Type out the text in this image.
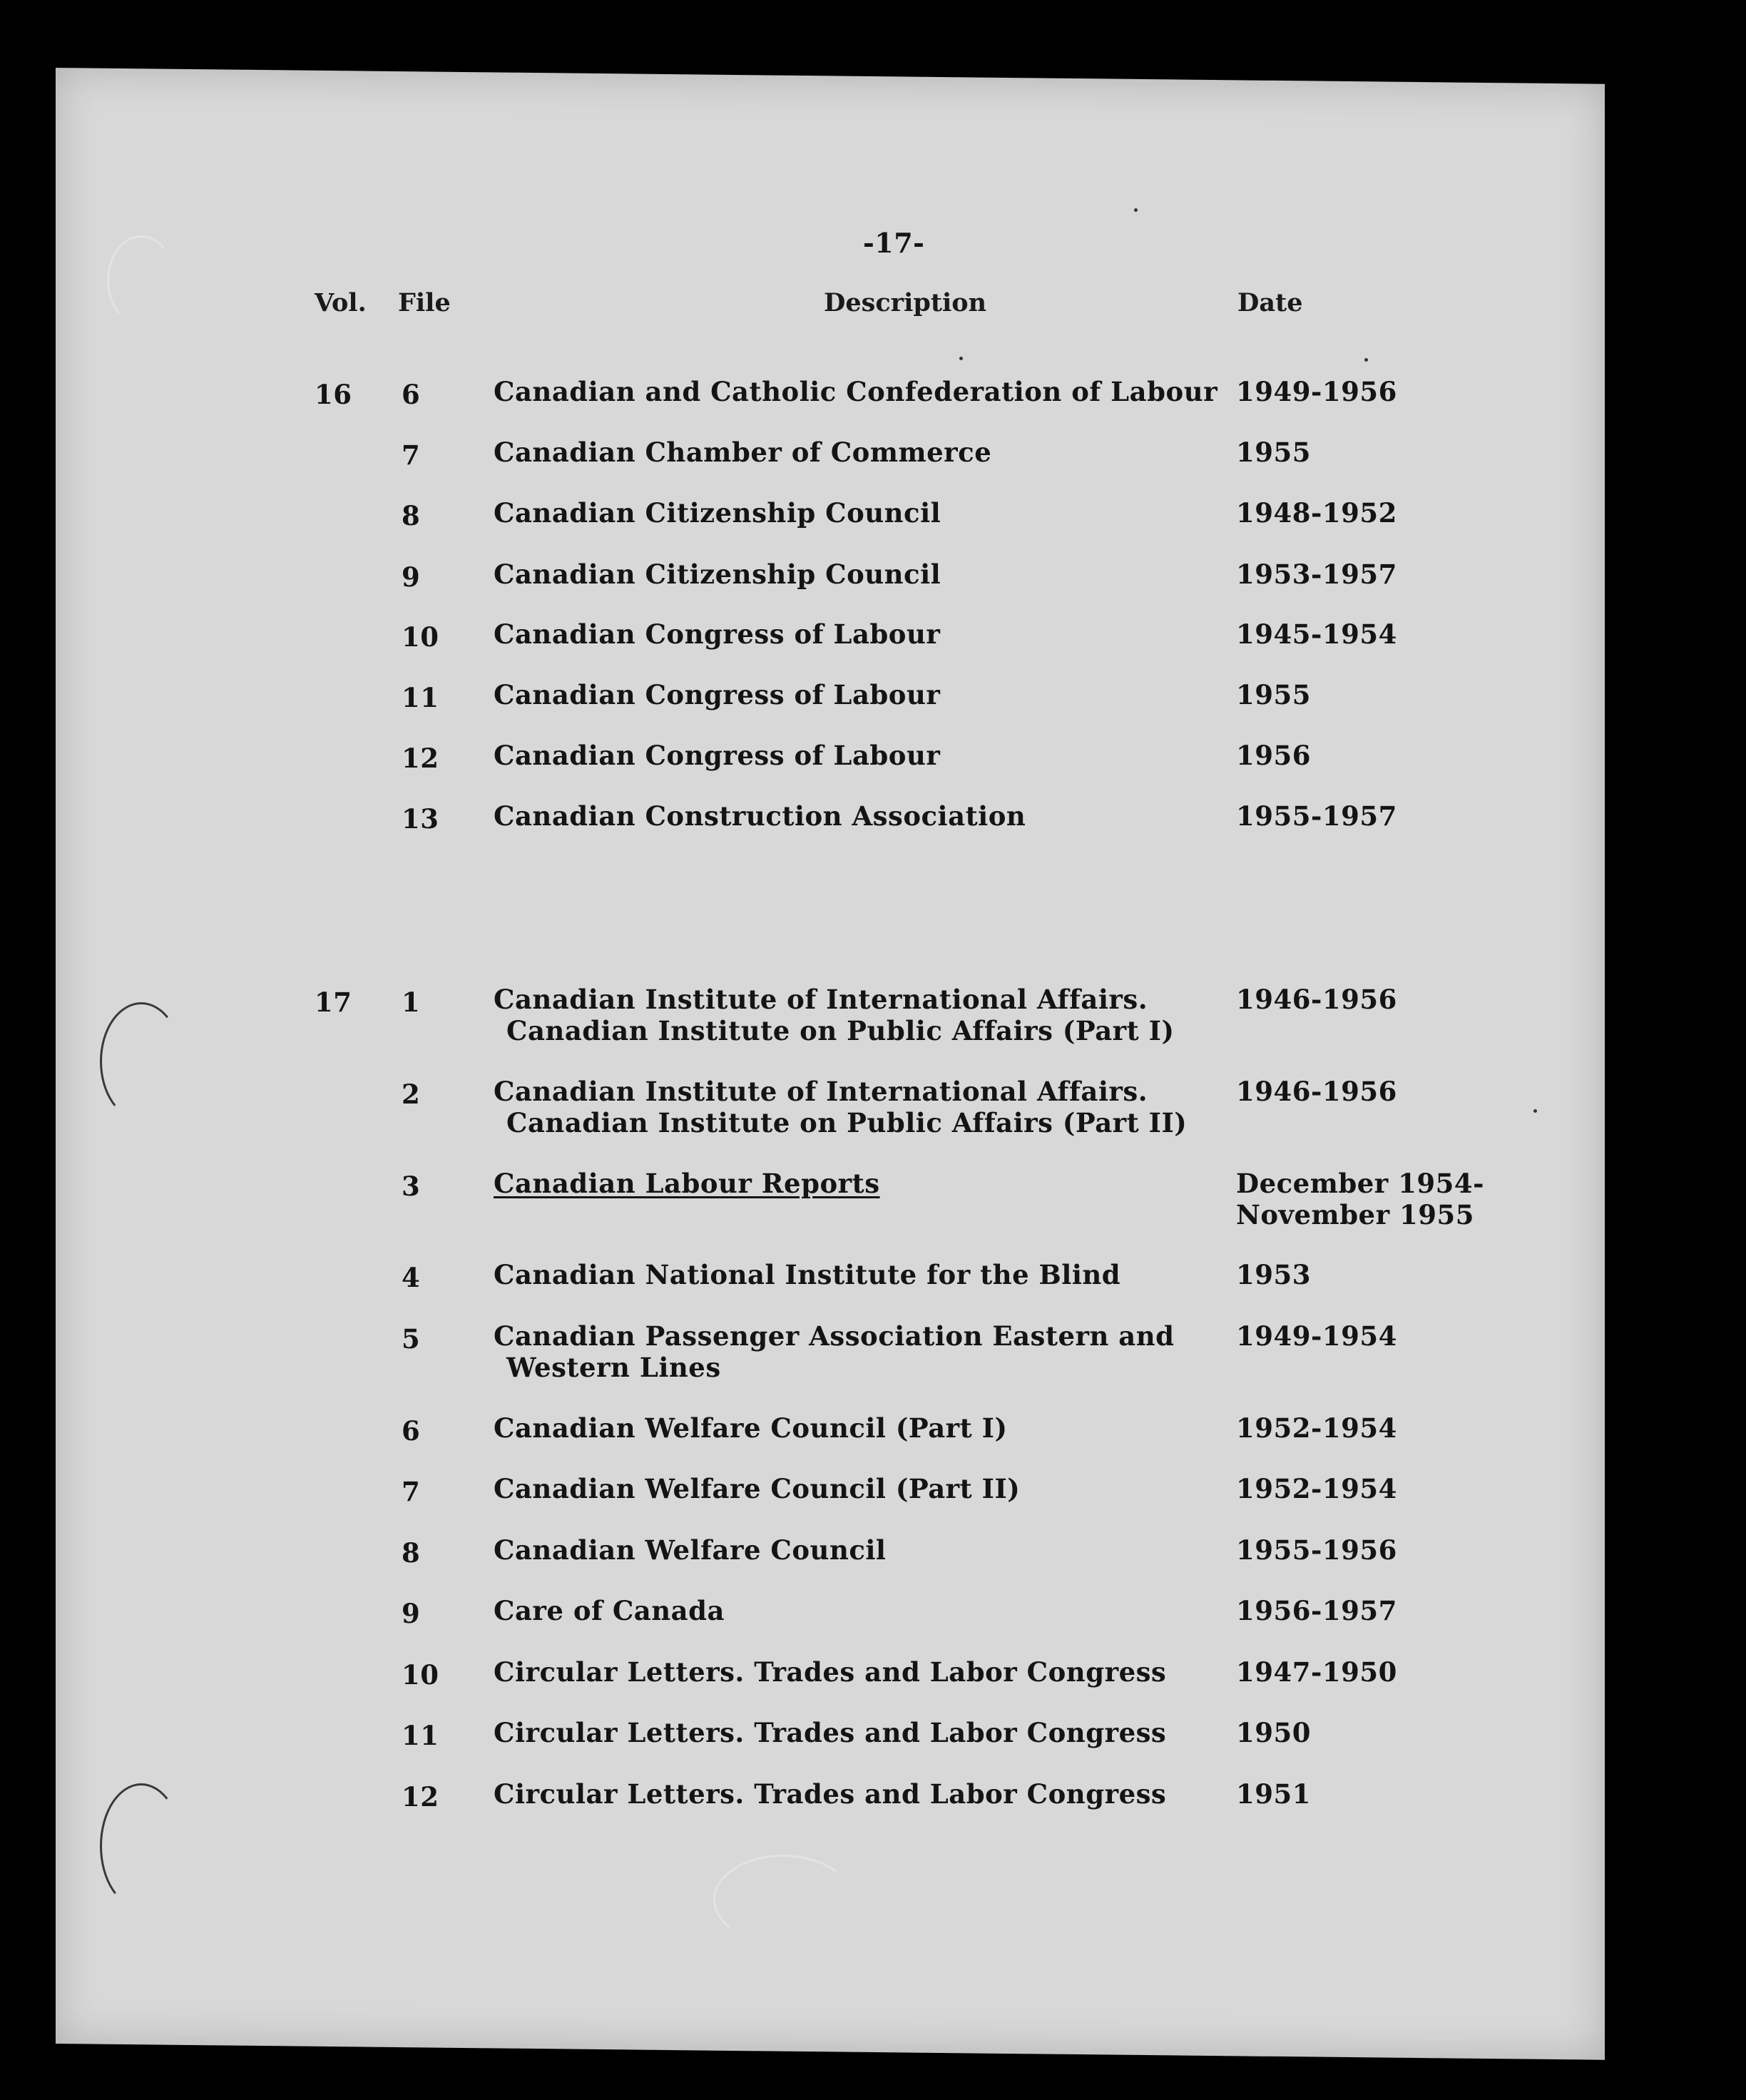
-17-
Vol. File	Description	Date
16 6	Canadian and Catholic Confederation of Labour 1949-1956
7	Canadian Chamber of Commerce	1955
8	Canadian Citizenship Council	1948-1952
9	Canadian Citizenship Council	1953-1957
10 Canadian Congress of Labour	1945-1954
11 Canadian Congress of Labour	1955
12 Canadian Congress of Labour	1956
13 Canadian Construction Association	1955-1957
17 1	Canadian Institute of International Affairs.
Canadian Institute on Public Affairs (Part I)
1946-1956
2	Canadian Institute of International Affairs.
Canadian Institute on Public Affairs (Part II)
1946-1956
3	Canadian Labour Reports	December 1954-
November 1955
4	Canadian National Institute for the Blind	1953
5	Canadian Passenger Association Eastern and
Western Lines
1949-1954
6	Canadian Welfare Council (Part I)	1952-1954
7	Canadian Welfare Council (Part II)	1952-1954
8	Canadian Welfare Council	1955-1956
9	Care of Canada	1956-1957
10 Circular Letters. Trades and Labor Congress	1947-1950
11 Circular Letters. Trades and Labor Congress	1950
12 Circular Letters. Trades and Labor Congress	1951
